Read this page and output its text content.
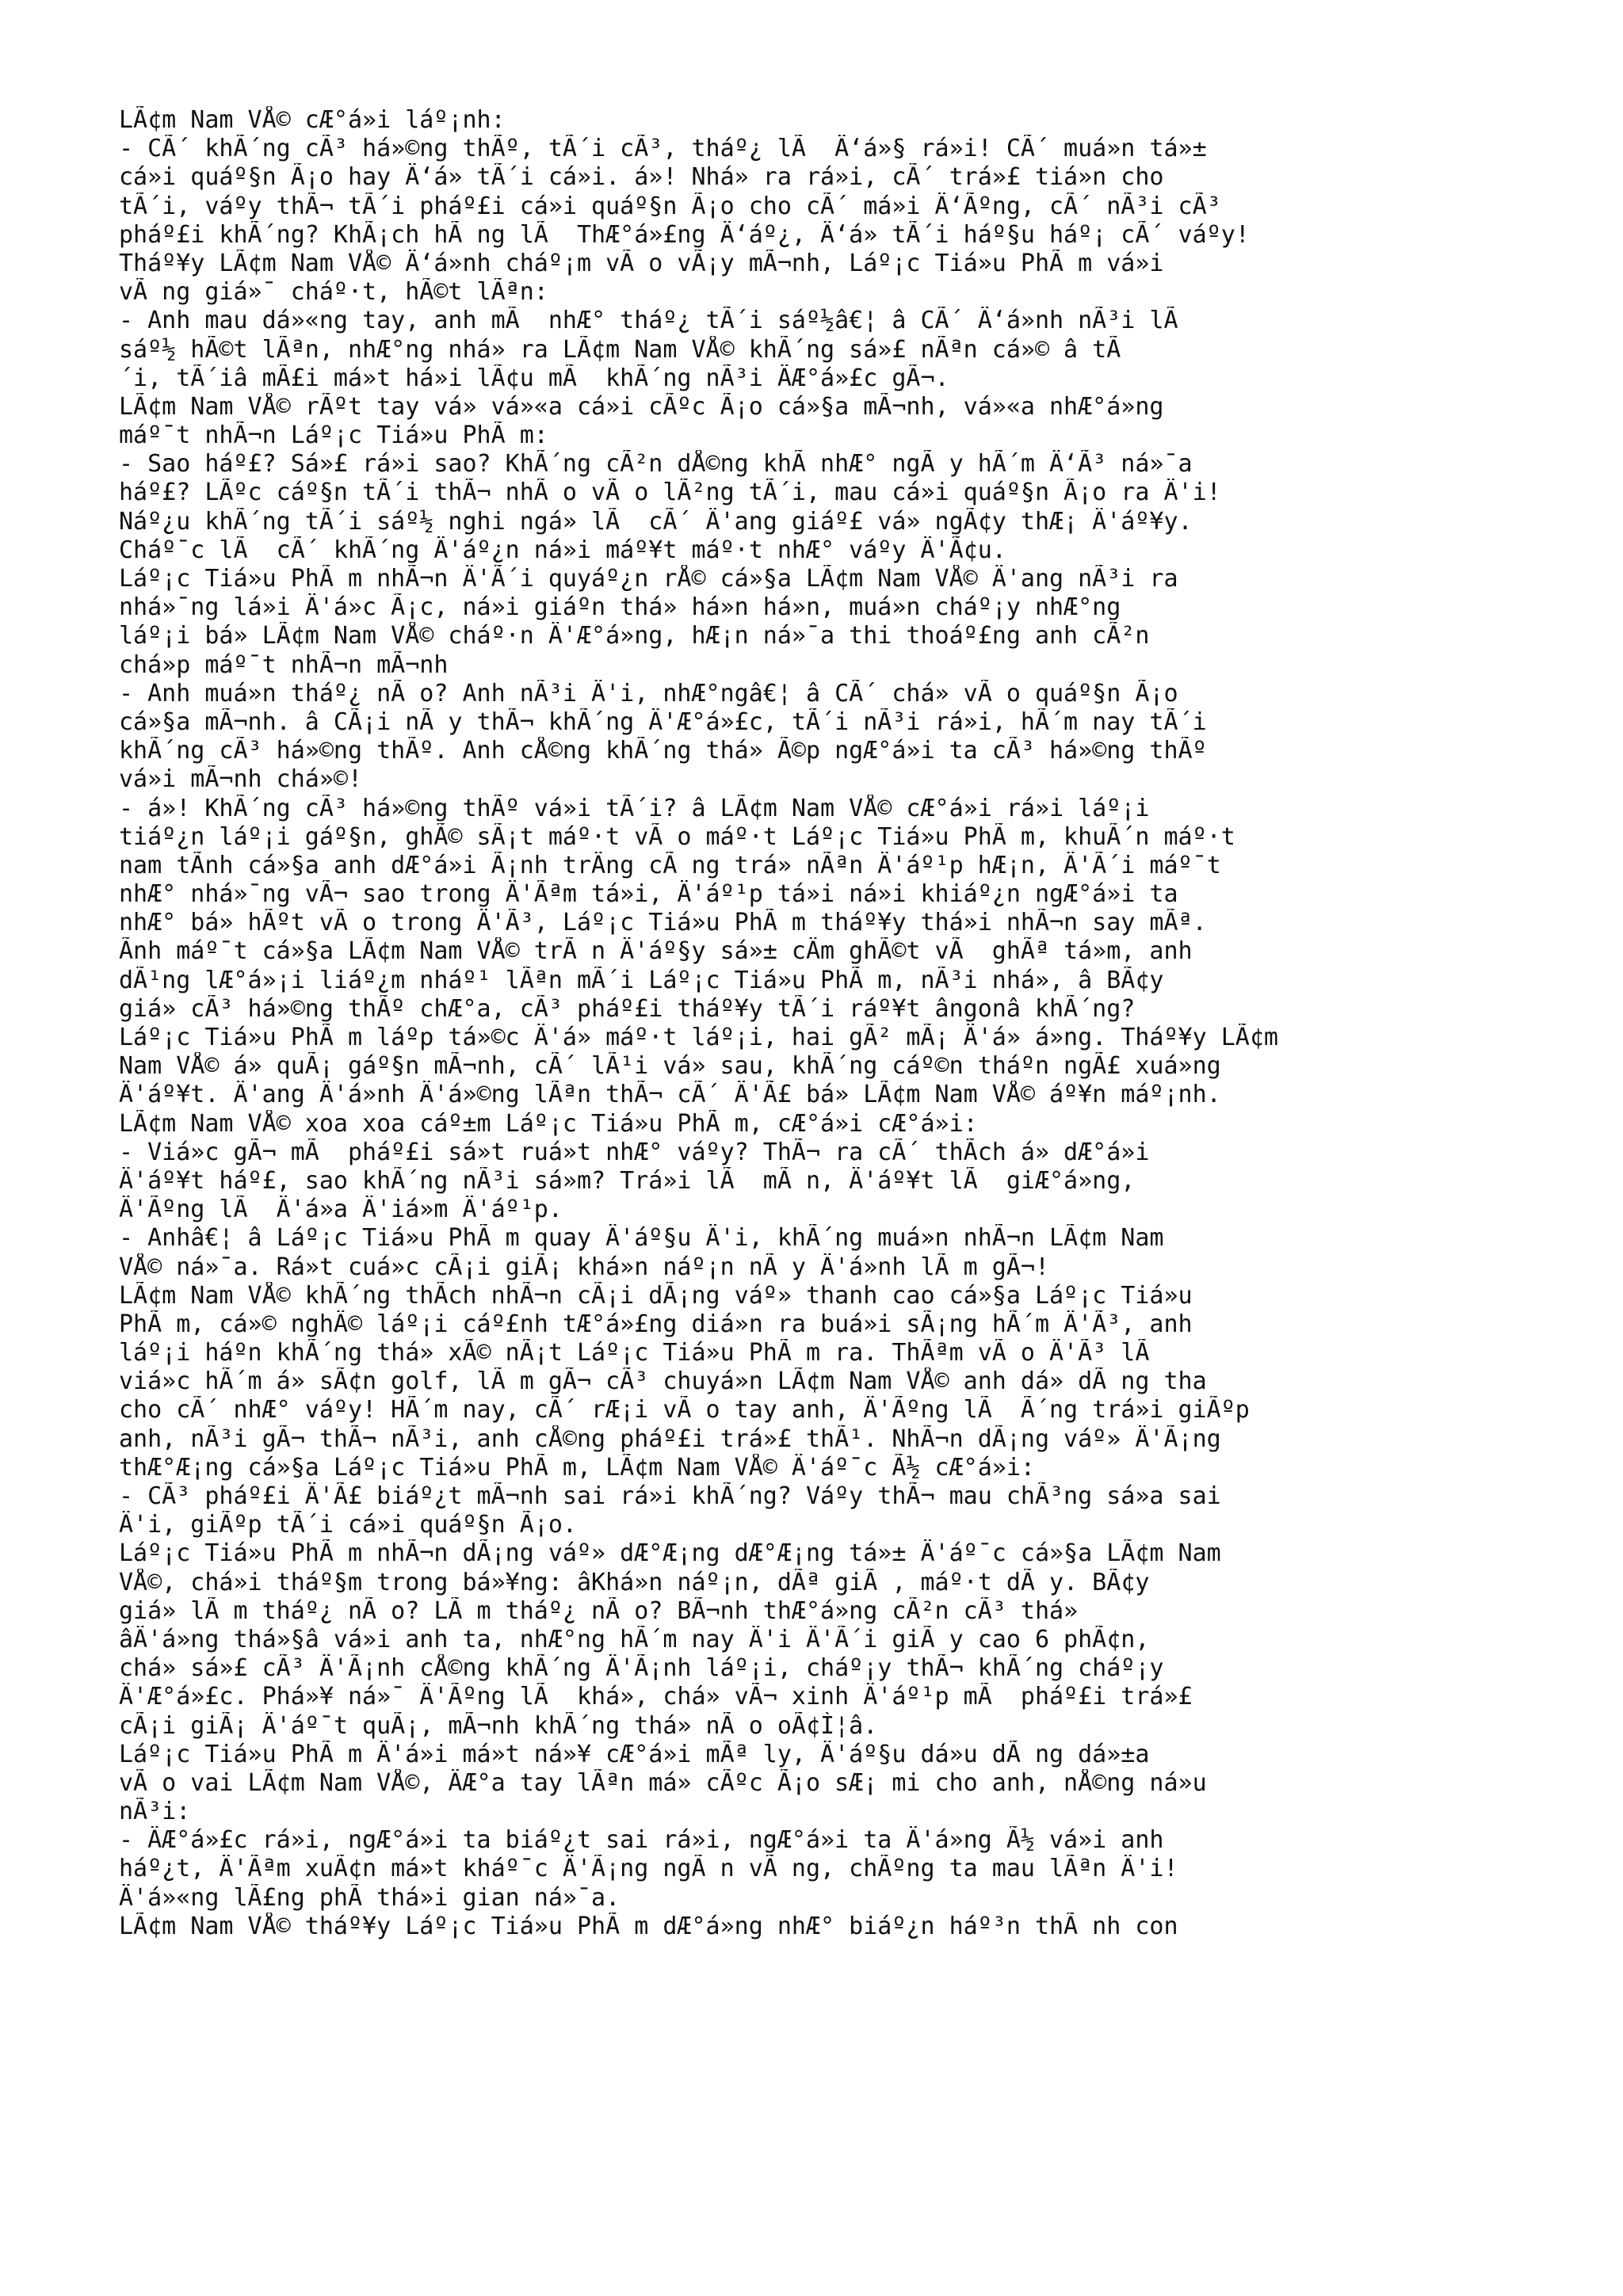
LÃ¢m Nam VÅ© cÆ°á»i láº¡nh:
- CÃ´ khÃ´ng cÃ³ há»©ng thÃº, tÃ´i cÃ³, tháº¿ lÃ  Ä‘á»§ rá»i! CÃ´ muá»n tá»±
cá»i quáº§n Ã¡o hay Ä‘á» tÃ´i cá»i. á»! Nhá» ra rá»i, cÃ´ trá»£ tiá»n cho
tÃ´i, váºy thÃ¬ tÃ´i pháº£i cá»i quáº§n Ã¡o cho cÃ´ má»i Ä‘Ãºng, cÃ´ nÃ³i cÃ³
pháº£i khÃ´ng? KhÃ¡ch hÃ ng lÃ  ThÆ°á»£ng Ä‘áº¿, Ä‘á» tÃ´i háº§u háº¡ cÃ´ váºy!
Tháº¥y LÃ¢m Nam VÅ© Ä‘á»nh cháº¡m vÃ o vÃ¡y mÃ¬nh, Láº¡c Tiá»u PhÃ m vá»i
vÃ ng giá»¯ cháº·t, hÃ©t lÃªn:
- Anh mau dá»«ng tay, anh mÃ  nhÆ° tháº¿ tÃ´i sáº½â€¦ â CÃ´ Ä‘á»nh nÃ³i lÃ
sáº½ hÃ©t lÃªn, nhÆ°ng nhá» ra LÃ¢m Nam VÅ© khÃ´ng sá»£ nÃªn cá»© â tÃ
´i, tÃ´iâ mÃ£i má»t há»i lÃ¢u mÃ  khÃ´ng nÃ³i ÄÆ°á»£c gÃ¬.
LÃ¢m Nam VÅ© rÃºt tay vá» vá»«a cá»i cÃºc Ã¡o cá»§a mÃ¬nh, vá»«a nhÆ°á»ng
máº¯t nhÃ¬n Láº¡c Tiá»u PhÃ m:
- Sao háº£? Sá»£ rá»i sao? KhÃ´ng cÃ²n dÅ©ng khÃ nhÆ° ngÃ y hÃ´m Ä‘Ã³ ná»¯a
háº£? LÃºc cáº§n tÃ´i thÃ¬ nhÃ o vÃ o lÃ²ng tÃ´i, mau cá»i quáº§n Ã¡o ra Ä'i!
Náº¿u khÃ´ng tÃ´i sáº½ nghi ngá» lÃ  cÃ´ Ä'ang giáº£ vá» ngÃ¢y thÆ¡ Ä'áº¥y.
Cháº¯c lÃ  cÃ´ khÃ´ng Ä'áº¿n ná»i máº¥t máº·t nhÆ° váºy Ä'Ã¢u.
Láº¡c Tiá»u PhÃ m nhÃ¬n Ä'Ã´i quyáº¿n rÅ© cá»§a LÃ¢m Nam VÅ© Ä'ang nÃ³i ra
nhá»¯ng lá»i Ä'á»c Ã¡c, ná»i giáºn thá» há»n há»n, muá»n cháº¡y nhÆ°ng
láº¡i bá» LÃ¢m Nam VÅ© cháº·n Ä'Æ°á»ng, hÆ¡n ná»¯a thi thoáº£ng anh cÃ²n
chá»p máº¯t nhÃ¬n mÃ¬nh
- Anh muá»n tháº¿ nÃ o? Anh nÃ³i Ä'i, nhÆ°ngâ€¦ â CÃ´ chá» vÃ o quáº§n Ã¡o
cá»§a mÃ¬nh. â CÃ¡i nÃ y thÃ¬ khÃ´ng Ä'Æ°á»£c, tÃ´i nÃ³i rá»i, hÃ´m nay tÃ´i
khÃ´ng cÃ³ há»©ng thÃº. Anh cÅ©ng khÃ´ng thá» Ã©p ngÆ°á»i ta cÃ³ há»©ng thÃº
vá»i mÃ¬nh chá»©!
- á»! KhÃ´ng cÃ³ há»©ng thÃº vá»i tÃ´i? â LÃ¢m Nam VÅ© cÆ°á»i rá»i láº¡i
tiáº¿n láº¡i gáº§n, ghÃ© sÃ¡t máº·t vÃ o máº·t Láº¡c Tiá»u PhÃ m, khuÃ´n máº·t
nam tÃnh cá»§a anh dÆ°á»i Ã¡nh trÄng cÃ ng trá» nÃªn Ä'áº¹p hÆ¡n, Ä'Ã´i máº¯t
nhÆ° nhá»¯ng vÃ¬ sao trong Ä'Ãªm tá»i, Ä'áº¹p tá»i ná»i khiáº¿n ngÆ°á»i ta
nhÆ° bá» hÃºt vÃ o trong Ä'Ã³, Láº¡c Tiá»u PhÃ m tháº¥y thá»i nhÃ¬n say mÃª.
Ãnh máº¯t cá»§a LÃ¢m Nam VÅ© trÃ n Ä'áº§y sá»± cÄm ghÃ©t vÃ  ghÃª tá»m, anh
dÃ¹ng lÆ°á»¡i liáº¿m nháº¹ lÃªn mÃ´i Láº¡c Tiá»u PhÃ m, nÃ³i nhá», â BÃ¢y
giá» cÃ³ há»©ng thÃº chÆ°a, cÃ³ pháº£i tháº¥y tÃ´i ráº¥t ângonâ khÃ´ng?
Láº¡c Tiá»u PhÃ m láºp tá»©c Ä'á» máº·t láº¡i, hai gÃ² mÃ¡ Ä'á» á»ng. Tháº¥y LÃ¢m
Nam VÅ© á» quÃ¡ gáº§n mÃ¬nh, cÃ´ lÃ¹i vá» sau, khÃ´ng cáº©n tháºn ngÃ£ xuá»ng
Ä'áº¥t. Ä'ang Ä'á»nh Ä'á»©ng lÃªn thÃ¬ cÃ´ Ä'Ã£ bá» LÃ¢m Nam VÅ© áº¥n máº¡nh.
LÃ¢m Nam VÅ© xoa xoa cáº±m Láº¡c Tiá»u PhÃ m, cÆ°á»i cÆ°á»i:
- Viá»c gÃ¬ mÃ  pháº£i sá»t ruá»t nhÆ° váºy? ThÃ¬ ra cÃ´ thÃch á» dÆ°á»i
Ä'áº¥t háº£, sao khÃ´ng nÃ³i sá»m? Trá»i lÃ  mÃ n, Ä'áº¥t lÃ  giÆ°á»ng,
Ä'Ãºng lÃ  Ä'á»a Ä'iá»m Ä'áº¹p.
- Anhâ€¦ â Láº¡c Tiá»u PhÃ m quay Ä'áº§u Ä'i, khÃ´ng muá»n nhÃ¬n LÃ¢m Nam
VÅ© ná»¯a. Rá»t cuá»c cÃ¡i giÃ¡ khá»n náº¡n nÃ y Ä'á»nh lÃ m gÃ¬!
LÃ¢m Nam VÅ© khÃ´ng thÃch nhÃ¬n cÃ¡i dÃ¡ng váº» thanh cao cá»§a Láº¡c Tiá»u
PhÃ m, cá»© nghÄ© láº¡i cáº£nh tÆ°á»£ng diá»n ra buá»i sÃ¡ng hÃ´m Ä'Ã³, anh
láº¡i háºn khÃ´ng thá» xÃ© nÃ¡t Láº¡c Tiá»u PhÃ m ra. ThÃªm vÃ o Ä'Ã³ lÃ
viá»c hÃ´m á» sÃ¢n golf, lÃ m gÃ¬ cÃ³ chuyá»n LÃ¢m Nam VÅ© anh dá» dÃ ng tha
cho cÃ´ nhÆ° váºy! HÃ´m nay, cÃ´ rÆ¡i vÃ o tay anh, Ä'Ãºng lÃ  Ã´ng trá»i giÃºp
anh, nÃ³i gÃ¬ thÃ¬ nÃ³i, anh cÅ©ng pháº£i trá»£ thÃ¹. NhÃ¬n dÃ¡ng váº» Ä'Ã¡ng
thÆ°Æ¡ng cá»§a Láº¡c Tiá»u PhÃ m, LÃ¢m Nam VÅ© Ä'áº¯c Ã½ cÆ°á»i:
- CÃ³ pháº£i Ä'Ã£ biáº¿t mÃ¬nh sai rá»i khÃ´ng? Váºy thÃ¬ mau chÃ³ng sá»a sai
Ä'i, giÃºp tÃ´i cá»i quáº§n Ã¡o.
Láº¡c Tiá»u PhÃ m nhÃ¬n dÃ¡ng váº» dÆ°Æ¡ng dÆ°Æ¡ng tá»± Ä'áº¯c cá»§a LÃ¢m Nam
VÅ©, chá»i tháº§m trong bá»¥ng: âKhá»n náº¡n, dÃª giÃ , máº·t dÃ y. BÃ¢y
giá» lÃ m tháº¿ nÃ o? LÃ m tháº¿ nÃ o? BÃ¬nh thÆ°á»ng cÃ²n cÃ³ thá»
âÄ'á»ng thá»§â vá»i anh ta, nhÆ°ng hÃ´m nay Ä'i Ä'Ã´i giÃ y cao 6 phÃ¢n,
chá» sá»£ cÃ³ Ä'Ã¡nh cÅ©ng khÃ´ng Ä'Ã¡nh láº¡i, cháº¡y thÃ¬ khÃ´ng cháº¡y
Ä'Æ°á»£c. Phá»¥ ná»¯ Ä'Ãºng lÃ  khá», chá» vÃ¬ xinh Ä'áº¹p mÃ  pháº£i trá»£
cÃ¡i giÃ¡ Ä'áº¯t quÃ¡, mÃ¬nh khÃ´ng thá» nÃ o oÃ¢Ì¦â.
Láº¡c Tiá»u PhÃ m Ä'á»i má»t ná»¥ cÆ°á»i mÃª ly, Ä'áº§u dá»u dÃ ng dá»±a
vÃ o vai LÃ¢m Nam VÅ©, ÄÆ°a tay lÃªn má» cÃºc Ã¡o sÆ¡ mi cho anh, nÅ©ng ná»u
nÃ³i:
- ÄÆ°á»£c rá»i, ngÆ°á»i ta biáº¿t sai rá»i, ngÆ°á»i ta Ä'á»ng Ã½ vá»i anh
háº¿t, Ä'Ãªm xuÃ¢n má»t kháº¯c Ä'Ã¡ng ngÃ n vÃ ng, chÃºng ta mau lÃªn Ä'i!
Ä'á»«ng lÃ£ng phÃ thá»i gian ná»¯a.
LÃ¢m Nam VÅ© tháº¥y Láº¡c Tiá»u PhÃ m dÆ°á»ng nhÆ° biáº¿n háº³n thÃ nh con
